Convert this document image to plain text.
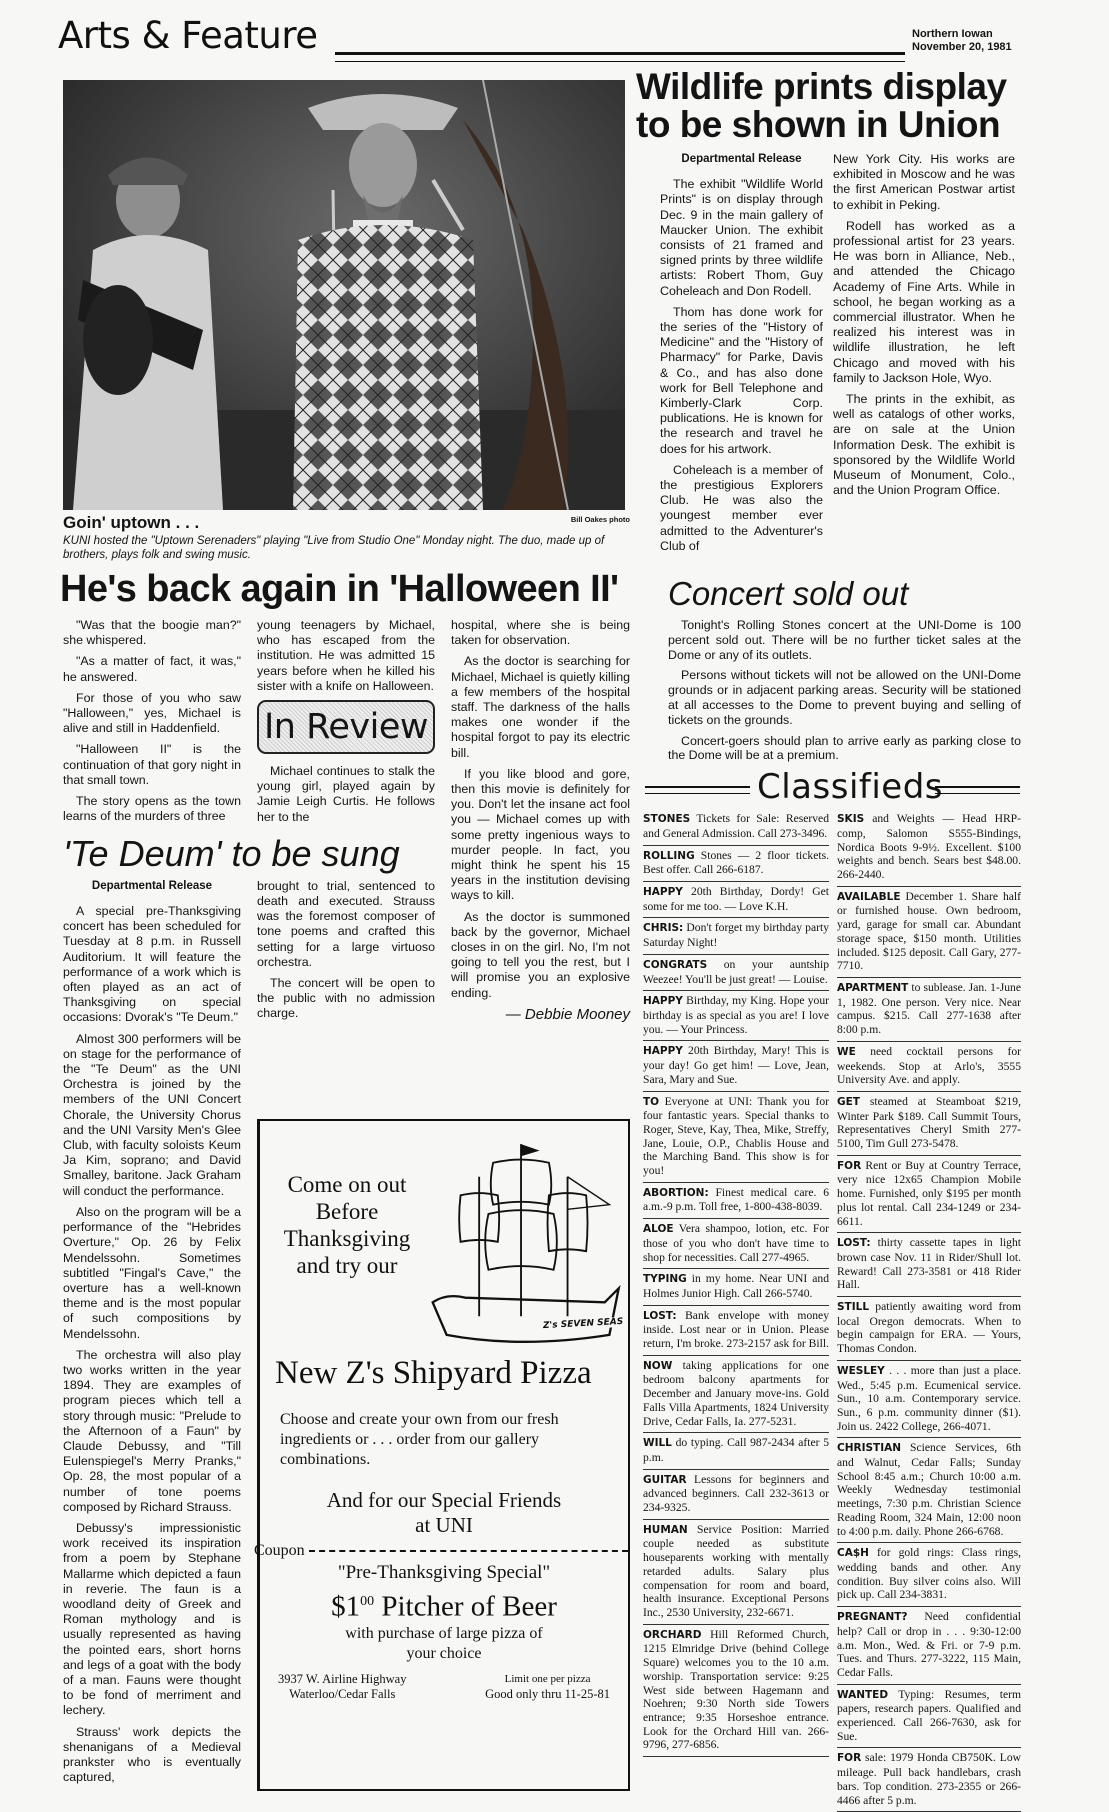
Arts & Feature	Northern Iowan
November 20, 1981
Goin' uptown . . .	Bill Oakes photo
KUNI hosted the "Uptown Serenaders" playing "Live from Studio One" Monday night. The duo, made up of brothers, plays folk and swing music.
He's back again in 'Halloween II'

"Was that the boogie man?" she whispered.

"As a matter of fact, it was," he answered.

For those of you who saw "Halloween," yes, Michael is alive and still in Haddenfield.

"Halloween II" is the continuation of that gory night in that small town.

The story opens as the town learns of the murders of three

young teenagers by Michael, who has escaped from the institution. He was admitted 15 years before when he killed his sister with a knife on Halloween.

In Review

Michael continues to stalk the young girl, played again by Jamie Leigh Curtis. He follows her to the

hospital, where she is being taken for observation.

As the doctor is searching for Michael, Michael is quietly killing a few members of the hospital staff. The darkness of the halls makes one wonder if the hospital forgot to pay its electric bill.

If you like blood and gore, then this movie is definitely for you. Don't let the insane act fool you — Michael comes up with some pretty ingenious ways to murder people. In fact, you might think he spent his 15 years in the institution devising ways to kill.

As the doctor is summoned back by the governor, Michael closes in on the girl. No, I'm not going to tell you the rest, but I will promise you an explosive ending.

— Debbie Mooney
'Te Deum' to be sung
Departmental Release

A special pre-Thanksgiving concert has been scheduled for Tuesday at 8 p.m. in Russell Auditorium. It will feature the performance of a work which is often played as an act of Thanksgiving on special occasions: Dvorak's "Te Deum."

Almost 300 performers will be on stage for the performance of the "Te Deum" as the UNI Orchestra is joined by the members of the UNI Concert Chorale, the University Chorus and the UNI Varsity Men's Glee Club, with faculty soloists Keum Ja Kim, soprano; and David Smalley, baritone. Jack Graham will conduct the performance.

Also on the program will be a performance of the "Hebrides Overture," Op. 26 by Felix Mendelssohn. Sometimes subtitled "Fingal's Cave," the overture has a well-known theme and is the most popular of such compositions by Mendelssohn.

The orchestra will also play two works written in the year 1894. They are examples of program pieces which tell a story through music: "Prelude to the Afternoon of a Faun" by Claude Debussy, and "Till Eulenspiegel's Merry Pranks," Op. 28, the most popular of a number of tone poems composed by Richard Strauss.

Debussy's impressionistic work received its inspiration from a poem by Stephane Mallarme which depicted a faun in reverie. The faun is a woodland deity of Greek and Roman mythology and is usually represented as having the pointed ears, short horns and legs of a goat with the body of a man. Fauns were thought to be fond of merriment and lechery.

Strauss' work depicts the shenanigans of a Medieval prankster who is eventually captured,

brought to trial, sentenced to death and executed. Strauss was the foremost composer of tone poems and crafted this setting for a large virtuoso orchestra.

The concert will be open to the public with no admission charge.

Come on out Before Thanksgiving and try our
Z's SEVEN SEAS
New Z's Shipyard Pizza
Choose and create your own from our fresh ingredients or . . . order from our gallery combinations.
And for our Special Friends at UNI
Coupon
"Pre-Thanksgiving Special"
$\$1^{00}$ Pitcher of Beer
with purchase of large pizza of your choice
3937 W. Airline Highway
Waterloo/Cedar Falls
Limit one per pizza
Good only thru 11-25-81
Wildlife prints display to be shown in Union
Departmental Release

The exhibit "Wildlife World Prints" is on display through Dec. 9 in the main gallery of Maucker Union. The exhibit consists of 21 framed and signed prints by three wildlife artists: Robert Thom, Guy Coheleach and Don Rodell.

Thom has done work for the series of the "History of Medicine" and the "History of Pharmacy" for Parke, Davis & Co., and has also done work for Bell Telephone and Kimberly-Clark Corp. publications. He is known for the research and travel he does for his artwork.

Coheleach is a member of the prestigious Explorers Club. He was also the youngest member ever admitted to the Adventurer's Club of

New York City. His works are exhibited in Moscow and he was the first American Postwar artist to exhibit in Peking.

Rodell has worked as a professional artist for 23 years. He was born in Alliance, Neb., and attended the Chicago Academy of Fine Arts. While in school, he began working as a commercial illustrator. When he realized his interest was in wildlife illustration, he left Chicago and moved with his family to Jackson Hole, Wyo.

The prints in the exhibit, as well as catalogs of other works, are on sale at the Union Information Desk. The exhibit is sponsored by the Wildlife World Museum of Monument, Colo., and the Union Program Office.

Concert sold out

Tonight's Rolling Stones concert at the UNI-Dome is 100 percent sold out. There will be no further ticket sales at the Dome or any of its outlets.

Persons without tickets will not be allowed on the UNI-Dome grounds or in adjacent parking areas. Security will be stationed at all accesses to the Dome to prevent buying and selling of tickets on the grounds.

Concert-goers should plan to arrive early as parking close to the Dome will be at a premium.

Classifieds
STONES Tickets for Sale: Reserved and General Admission. Call 273-3496.
ROLLING Stones — 2 floor tickets. Best offer. Call 266-6187.
HAPPY 20th Birthday, Dordy! Get some for me too. — Love K.H.
CHRIS: Don't forget my birthday party Saturday Night!
CONGRATS on your auntship Weezee! You'll be just great! — Louise.
HAPPY Birthday, my King. Hope your birthday is as special as you are! I love you. — Your Princess.
HAPPY 20th Birthday, Mary! This is your day! Go get him! — Love, Jean, Sara, Mary and Sue.
TO Everyone at UNI: Thank you for four fantastic years. Special thanks to Roger, Steve, Kay, Thea, Mike, Streffy, Jane, Louie, O.P., Chablis House and the Marching Band. This show is for you!
ABORTION: Finest medical care. 6 a.m.-9 p.m. Toll free, 1-800-438-8039.
ALOE Vera shampoo, lotion, etc. For those of you who don't have time to shop for necessities. Call 277-4965.
TYPING in my home. Near UNI and Holmes Junior High. Call 266-5740.
LOST: Bank envelope with money inside. Lost near or in Union. Please return, I'm broke. 273-2157 ask for Bill.
NOW taking applications for one bedroom balcony apartments for December and January move-ins. Gold Falls Villa Apartments, 1824 University Drive, Cedar Falls, Ia. 277-5231.
WILL do typing. Call 987-2434 after 5 p.m.
GUITAR Lessons for beginners and advanced beginners. Call 232-3613 or 234-9325.
HUMAN Service Position: Married couple needed as substitute houseparents working with mentally retarded adults. Salary plus compensation for room and board, health insurance. Exceptional Persons Inc., 2530 University, 232-6671.
ORCHARD Hill Reformed Church, 1215 Elmridge Drive (behind College Square) welcomes you to the 10 a.m. worship. Transportation service: 9:25 West side between Hagemann and Noehren; 9:30 North side Towers entrance; 9:35 Horseshoe entrance. Look for the Orchard Hill van. 266-9796, 277-6856.
SKIS and Weights — Head HRP-comp, Salomon S555-Bindings, Nordica Boots 9-9½. Excellent. $100 weights and bench. Sears best $48.00. 266-2440.
AVAILABLE December 1. Share half or furnished house. Own bedroom, yard, garage for small car. Abundant storage space, $150 month. Utilities included. $125 deposit. Call Gary, 277-7710.
APARTMENT to sublease. Jan. 1-June 1, 1982. One person. Very nice. Near campus. $215. Call 277-1638 after 8:00 p.m.
WE need cocktail persons for weekends. Stop at Arlo's, 3555 University Ave. and apply.
GET steamed at Steamboat $219, Winter Park $189. Call Summit Tours, Representatives Cheryl Smith 277-5100, Tim Gull 273-5478.
FOR Rent or Buy at Country Terrace, very nice 12x65 Champion Mobile home. Furnished, only $195 per month plus lot rental. Call 234-1249 or 234-6611.
LOST: thirty cassette tapes in light brown case Nov. 11 in Rider/Shull lot. Reward! Call 273-3581 or 418 Rider Hall.
STILL patiently awaiting word from local Oregon democrats. When to begin campaign for ERA. — Yours, Thomas Condon.
WESLEY . . . more than just a place. Wed., 5:45 p.m. Ecumenical service. Sun., 10 a.m. Contemporary service. Sun., 6 p.m. community dinner ($1). Join us. 2422 College, 266-4071.
CHRISTIAN Science Services, 6th and Walnut, Cedar Falls; Sunday School 8:45 a.m.; Church 10:00 a.m. Weekly Wednesday testimonial meetings, 7:30 p.m. Christian Science Reading Room, 324 Main, 12:00 noon to 4:00 p.m. daily. Phone 266-6768.
CA$H for gold rings: Class rings, wedding bands and other. Any condition. Buy silver coins also. Will pick up. Call 234-3831.
PREGNANT? Need confidential help? Call or drop in . . . 9:30-12:00 a.m. Mon., Wed. & Fri. or 7-9 p.m. Tues. and Thurs. 277-3222, 115 Main, Cedar Falls.
WANTED Typing: Resumes, term papers, research papers. Qualified and experienced. Call 266-7630, ask for Sue.
FOR sale: 1979 Honda CB750K. Low mileage. Pull back handlebars, crash bars. Top condition. 273-2355 or 266-4466 after 5 p.m.
